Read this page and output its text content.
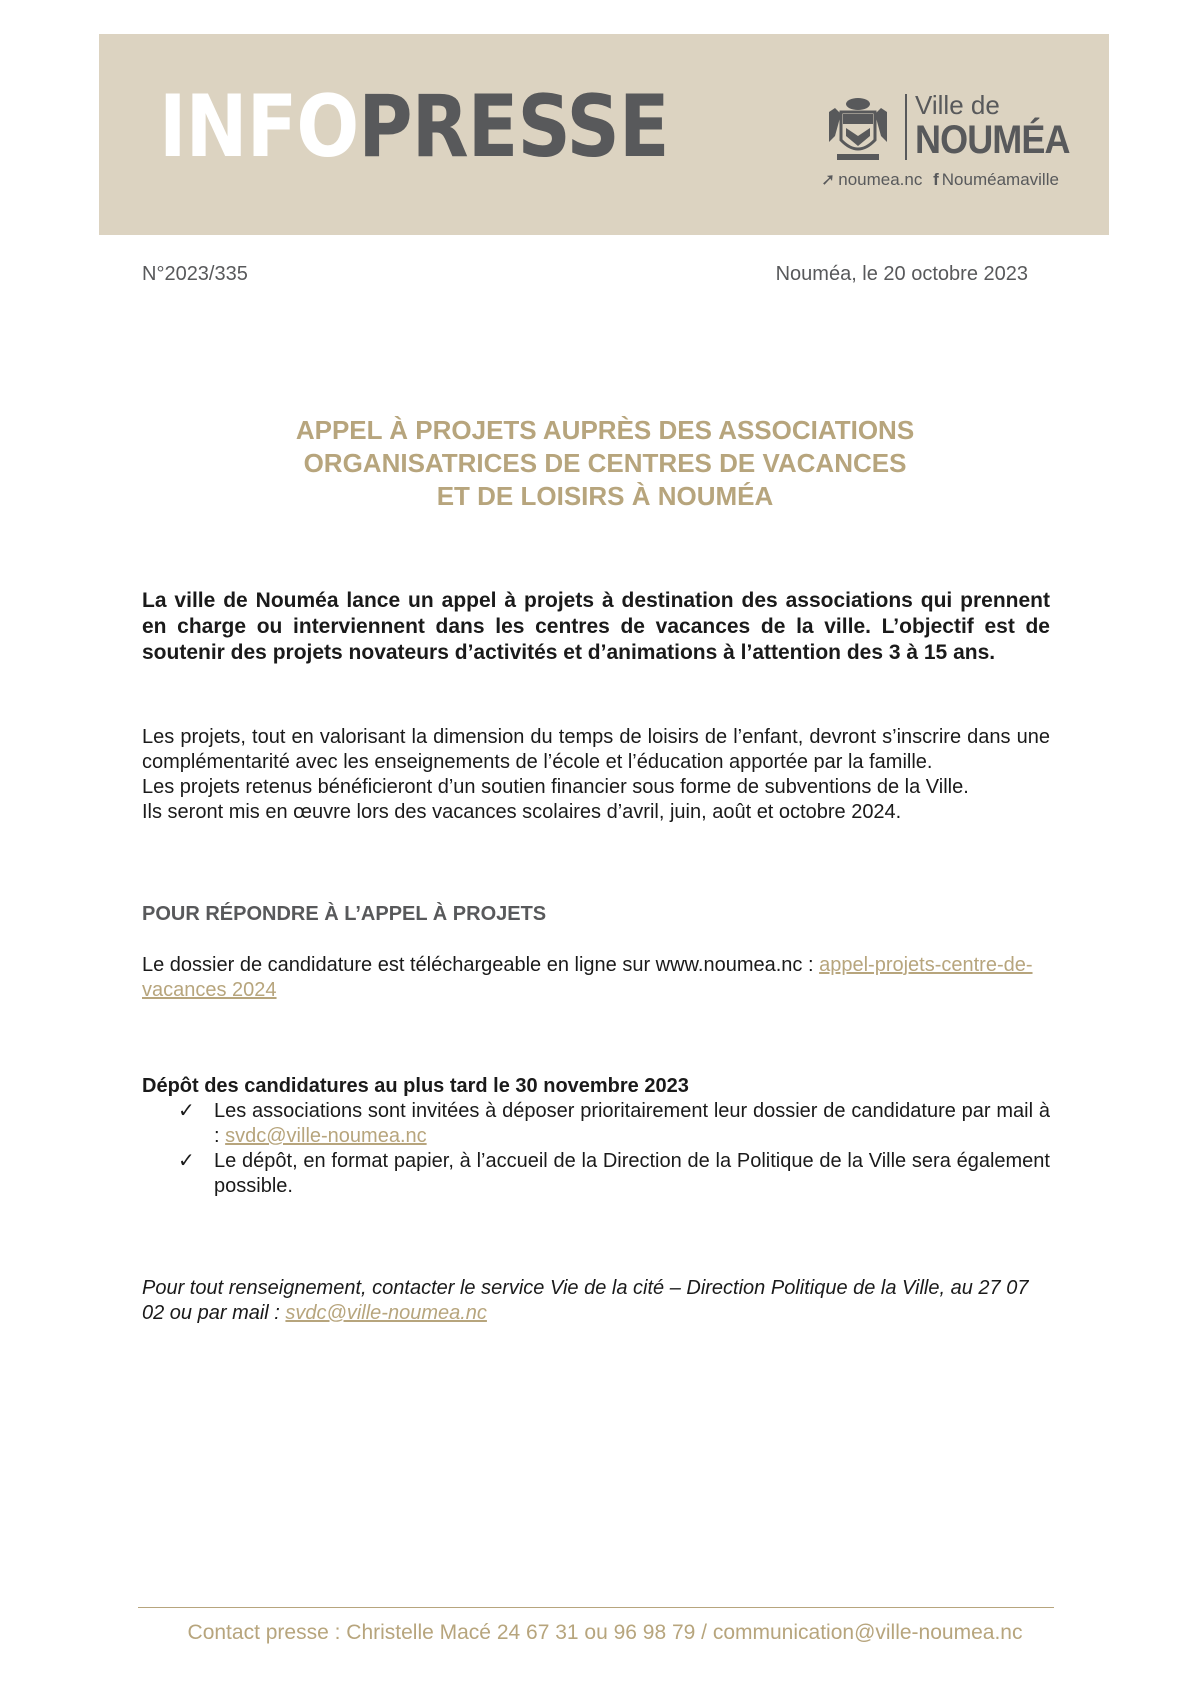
INFOPRESSE	Ville de
NOUMÉA
➚ noumea.nc f Nouméamaville
N°2023/335	Nouméa, le 20 octobre 2023
APPEL À PROJETS AUPRÈS DES ASSOCIATIONS
ORGANISATRICES DE CENTRES DE VACANCES
ET DE LOISIRS À NOUMÉA
La ville de Nouméa lance un appel à projets à destination des associations qui prennent en charge ou interviennent dans les centres de vacances de la ville. L’objectif est de soutenir des projets novateurs d’activités et d’animations à l’attention des 3 à 15 ans.
Les projets, tout en valorisant la dimension du temps de loisirs de l’enfant, devront s’inscrire dans une complémentarité avec les enseignements de l’école et l’éducation apportée par la famille.
Les projets retenus bénéficieront d’un soutien financier sous forme de subventions de la Ville.
Ils seront mis en œuvre lors des vacances scolaires d’avril, juin, août et octobre 2024.
POUR RÉPONDRE À L’APPEL À PROJETS
Le dossier de candidature est téléchargeable en ligne sur www.noumea.nc : appel-projets-centre-de-vacances 2024
Dépôt des candidatures au plus tard le 30 novembre 2023
✓ Les associations sont invitées à déposer prioritairement leur dossier de candidature par mail à : svdc@ville-noumea.nc
✓ Le dépôt, en format papier, à l’accueil de la Direction de la Politique de la Ville sera également possible.
Pour tout renseignement, contacter le service Vie de la cité – Direction Politique de la Ville, au 27 07 02 ou par mail : svdc@ville-noumea.nc
Contact presse : Christelle Macé 24 67 31 ou 96 98 79 / communication@ville-noumea.nc
